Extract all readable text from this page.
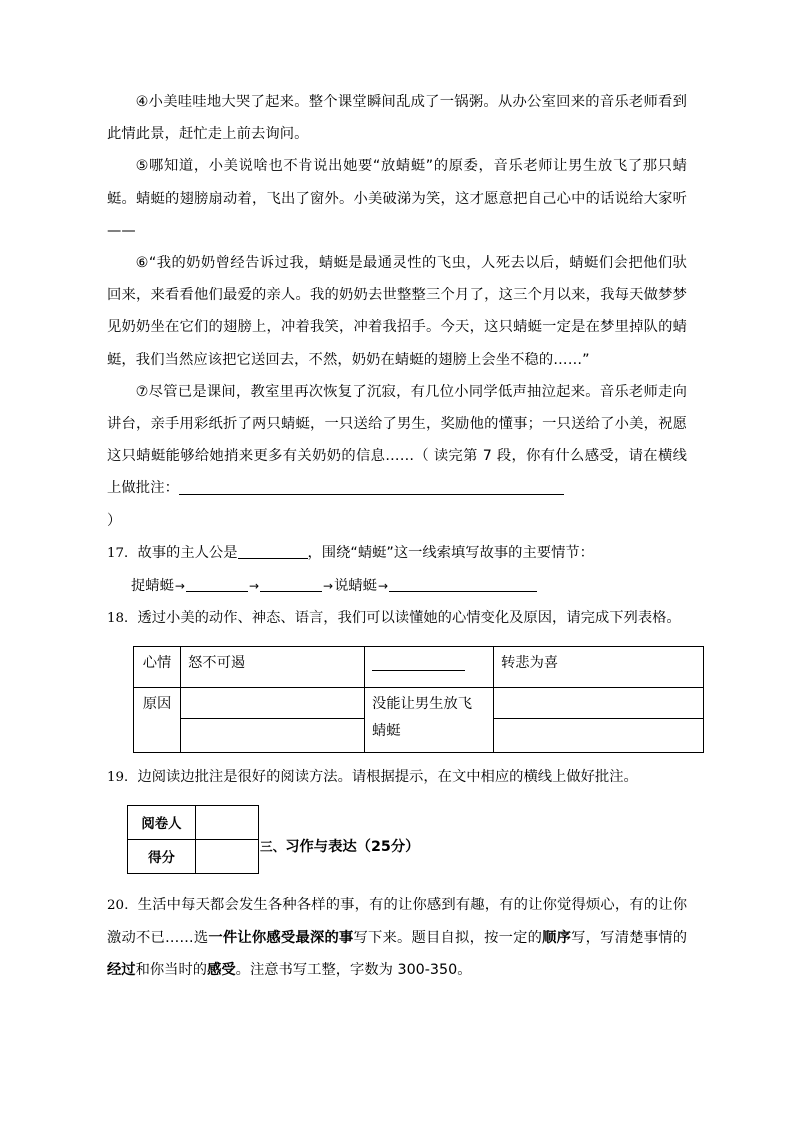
④小美哇哇地大哭了起来。整个课堂瞬间乱成了一锅粥。从办公室回来的音乐老师看到此情此景，赶忙走上前去询问。

⑤哪知道，小美说啥也不肯说出她要“放蜻蜓”的原委，音乐老师让男生放飞了那只蜻蜓。蜻蜓的翅膀扇动着，飞出了窗外。小美破涕为笑，这才愿意把自己心中的话说给大家听——

⑥“我的奶奶曾经告诉过我，蜻蜓是最通灵性的飞虫，人死去以后，蜻蜓们会把他们驮回来，来看看他们最爱的亲人。我的奶奶去世整整三个月了，这三个月以来，我每天做梦梦见奶奶坐在它们的翅膀上，冲着我笑，冲着我招手。今天，这只蜻蜓一定是在梦里掉队的蜻蜓，我们当然应该把它送回去，不然，奶奶在蜻蜓的翅膀上会坐不稳的……”

⑦尽管已是课间，教室里再次恢复了沉寂，有几位小同学低声抽泣起来。音乐老师走向讲台，亲手用彩纸折了两只蜻蜓，一只送给了男生，奖励他的懂事；一只送给了小美，祝愿这只蜻蜓能够给她捎来更多有关奶奶的信息……（ 读完第 7 段，你有什么感受，请在横线上做批注：

）

17．故事的主人公是	，围绕“蜻蜓”这一线索填写故事的主要情节：

捉蜻蜓→	→	→说蜻蜓→

18．透过小美的动作、神态、语言，我们可以读懂她的心情变化及原因，请完成下列表格。

心情	怒不可遏		转悲为喜
原因		没能让男生放飞
蜻蜓	

19．边阅读边批注是很好的阅读方法。请根据提示，在文中相应的横线上做好批注。

阅卷人	
得分	
三、习作与表达（25分）

20．生活中每天都会发生各种各样的事，有的让你感到有趣，有的让你觉得烦心，有的让你激动不已……选一件让你感受最深的事写下来。题目自拟，按一定的顺序写，写清楚事情的经过和你当时的感受。注意书写工整，字数为 300-350。
